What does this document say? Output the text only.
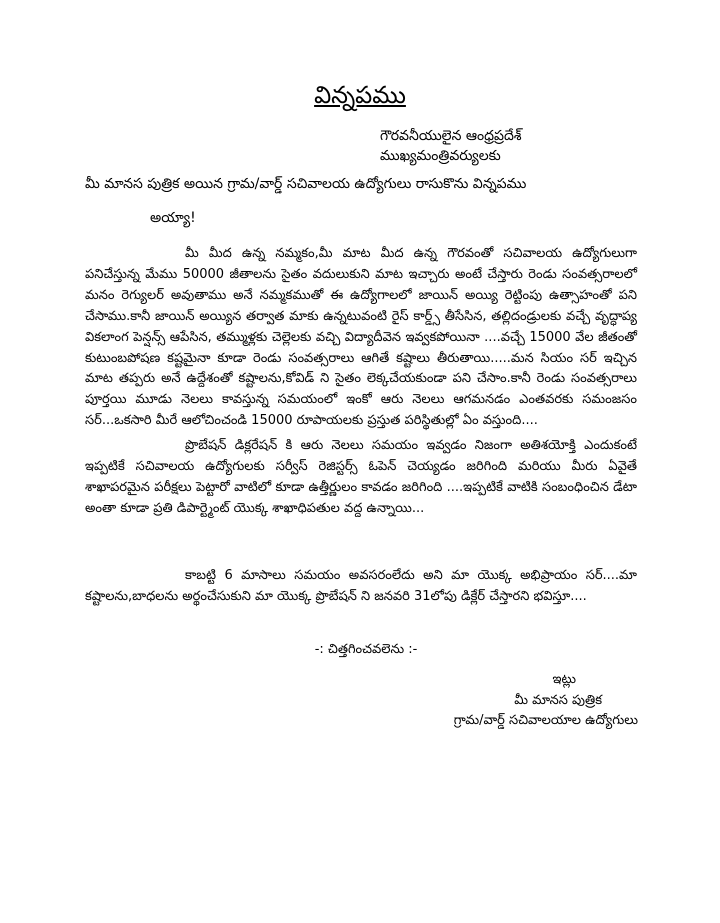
విన్నపము
గౌరవనీయులైన ఆంధ్రప్రదేశ్
ముఖ్యమంత్రివర్యులకు
మీ మానస పుత్రిక అయిన గ్రామ/వార్డ్ సచివాలయ ఉద్యోగులు రాసుకొను విన్నపము
అయ్యా!
మీ మీద ఉన్న నమ్మకం,మీ మాట మీద ఉన్న గౌరవంతో సచివాలయ ఉద్యోగులుగా పనిచేస్తున్న మేము 50000 జీతాలను సైతం వదులుకుని మాట ఇచ్చారు అంటే చేస్తారు రెండు సంవత్సరాలలో మనం రెగ్యులర్ అవుతాము అనే నమ్మకముతో ఈ ఉద్యోగాలలో జాయిన్ అయ్యి రెట్టింపు ఉత్సాహంతో పని చేసాము.కానీ జాయిన్ అయ్యిన తర్వాత మాకు ఉన్నటువంటి రైస్ కార్డ్స్ తీసేసిన, తల్లిదండ్రులకు వచ్చే వృద్ధాప్య వికలాంగ పెన్షన్స్ ఆపేసిన, తమ్ముళ్లకు చెల్లెలకు వచ్చి విద్యాదీవెన ఇవ్వకపోయినా ....వచ్చే 15000 వేల జీతంతో కుటుంబపోషణ కష్టమైనా కూడా రెండు సంవత్సరాలు ఆగితే కష్టాలు తీరుతాయి.....మన సియం సర్ ఇచ్చిన మాట తప్పరు అనే ఉద్దేశంతో కష్టాలను,కోవిడ్ ని సైతం లెక్కచేయకుండా పని చేసాం.కానీ రెండు సంవత్సరాలు పూర్తయి మూడు నెలలు కావస్తున్న సమయంలో ఇంకో ఆరు నెలలు ఆగమనడం ఎంతవరకు సమంజసం సర్...ఒకసారి మీరే ఆలోచించండి 15000 రూపాయలకు ప్రస్తుత పరిస్థితుల్లో ఏం వస్తుంది....
ప్రొబేషన్ డిక్లరేషన్ కి ఆరు నెలలు సమయం ఇవ్వడం నిజంగా అతిశయోక్తి ఎందుకంటే ఇప్పటికే సచివాలయ ఉద్యోగులకు సర్వీస్ రెజిస్టర్స్ ఓపెన్ చెయ్యడం జరిగింది మరియు మీరు ఏవైతే శాఖాపరమైన పరీక్షలు పెట్టారో వాటిలో కూడా ఉత్తీర్ణులం కావడం జరిగింది ....ఇప్పటికే వాటికి సంబంధించిన డేటా అంతా కూడా ప్రతి డిపార్ట్మెంట్ యొక్క శాఖాధిపతుల వద్ద ఉన్నాయి...
కాబట్టి 6 మాసాలు సమయం అవసరంలేదు అని మా యొక్క అభిప్రాయం సర్....మా కష్టాలను,బాధలను అర్థంచేసుకుని మా యొక్క ప్రొబేషన్ ని జనవరి 31లోపు డిక్లేర్ చేస్తారని భవిస్తూ....
-: చిత్తగించవలెను :-
ఇట్లు
మీ మానస పుత్రిక
గ్రామ/వార్డ్ సచివాలయాల ఉద్యోగులు
